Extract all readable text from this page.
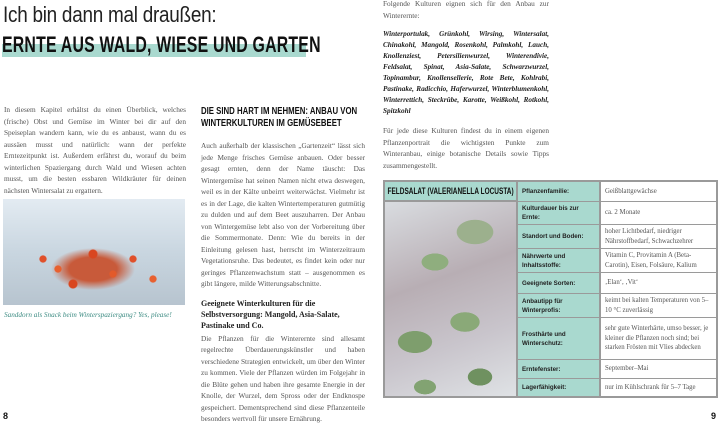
Ich bin dann mal draußen:
ERNTE AUS WALD, WIESE UND GARTEN

In diesem Kapitel erhältst du einen Überblick, welches (frische) Obst und Gemüse im Winter bei dir auf den Speiseplan wandern kann, wie du es anbaust, wann du es aussäen musst und natürlich: wann der perfekte Erntezeitpunkt ist. Außerdem erfährst du, worauf du beim winterlichen Spaziergang durch Wald und Wiesen achten musst, um die besten essbaren Wildkräuter für deinen nächsten Wintersalat zu ergattern.

Sanddorn als Snack beim Winterspaziergang? Yes, please!

8
DIE SIND HART IM NEHMEN: ANBAU VON WINTERKULTUREN IM GEMÜSEBEET

Auch außerhalb der klassischen „Gartenzeit“ lässt sich jede Menge frisches Gemüse anbauen. Oder besser gesagt ernten, denn der Name täuscht: Das Wintergemüse hat seinen Namen nicht etwa deswegen, weil es in der Kälte unbeirrt weiterwächst. Vielmehr ist es in der Lage, die kalten Wintertemperaturen gutmütig zu dulden und auf dem Beet auszuharren. Der Anbau von Wintergemüse lebt also von der Vorbereitung über die Sommermonate. Denn: Wie du bereits in der Einleitung gelesen hast, herrscht im Winterzeitraum Vegetationsruhe. Das bedeutet, es findet kein oder nur geringes Pflanzenwachstum statt – ausgenommen es gibt längere, milde Witterungsabschnitte.

Geeignete Winterkulturen für die Selbstversorgung: Mangold, Asia-Salate, Pastinake und Co.

Die Pflanzen für die Winterernte sind allesamt regelrechte Überdauerungskünstler und haben verschiedene Strategien entwickelt, um über den Winter zu kommen. Viele der Pflanzen würden im Folgejahr in die Blüte gehen und haben ihre gesamte Energie in der Knolle, der Wurzel, dem Spross oder der Endknospe gespeichert. Dementsprechend sind diese Pflanzenteile besonders wertvoll für unsere Ernährung.

Folgende Kulturen eignen sich für den Anbau zur Winterernte:

Winterportulak, Grünkohl, Wirsing, Wintersalat, Chinakohl, Mangold, Rosenkohl, Palmkohl, Lauch, Knollenziest, Petersilienwurzel, Winterendivie, Feldsalat, Spinat, Asia-Salate, Schwarzwurzel, Topinambur, Knollensellerie, Rote Bete, Kohlrabi, Pastinake, Radicchio, Haferwurzel, Winterblumenkohl, Winterrettich, Steckrübe, Karotte, Weißkohl, Rotkohl, Spitzkohl

Für jede diese Kulturen findest du in einem eigenen Pflanzenportrait die wichtigsten Punkte zum Winteranbau, einige botanische Details sowie Tipps zusammengestellt.

FELDSALAT (VALERIANELLA LOCUSTA)	Pflanzenfamilie:	Geißblattgewächse
Kulturdauer bis zur Ernte:
ca. 2 Monate
Standort und Boden:
hoher Lichtbedarf, niedriger Nährstoffbedarf, Schwachzehrer
Nährwerte und Inhaltsstoffe:
Vitamin C, Provitamin A (Beta-Carotin), Eisen, Folsäure, Kalium
Geeignete Sorten:	‚Elan‘, ‚Vit‘
Anbautipp für Winterprofis:
keimt bei kalten Temperaturen von 5–10 °C zuverlässig
Frosthärte und Winterschutz:
sehr gute Winterhärte, umso besser, je kleiner die Pflanzen noch sind; bei starken Frösten mit Vlies abdecken
Erntefenster:	September–Mai
Lagerfähigkeit:	nur im Kühlschrank für 5–7 Tage
9
